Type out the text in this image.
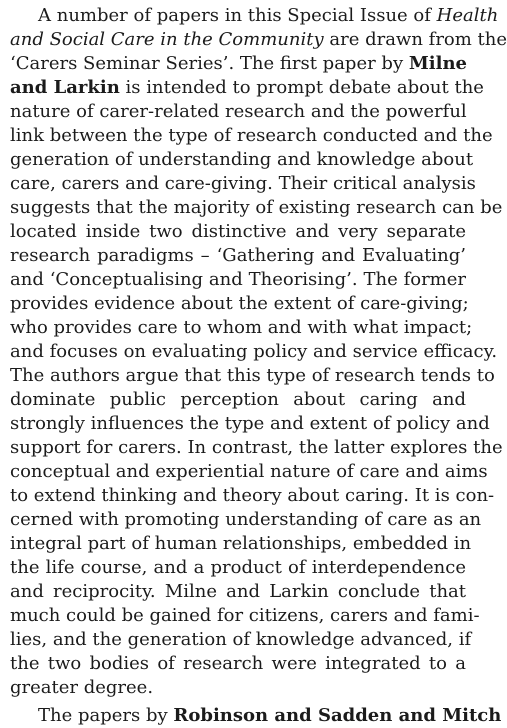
A number of papers in this Special Issue of Health
and Social Care in the Community are drawn from the
‘Carers Seminar Series’. The first paper by Milne
and Larkin is intended to prompt debate about the
nature of carer-related research and the powerful
link between the type of research conducted and the
generation of understanding and knowledge about
care, carers and care-giving. Their critical analysis
suggests that the majority of existing research can be
located inside two distinctive and very separate
research paradigms – ‘Gathering and Evaluating’
and ‘Conceptualising and Theorising’. The former
provides evidence about the extent of care-giving;
who provides care to whom and with what impact;
and focuses on evaluating policy and service efficacy.
The authors argue that this type of research tends to
dominate public perception about caring and
strongly influences the type and extent of policy and
support for carers. In contrast, the latter explores the
conceptual and experiential nature of care and aims
to extend thinking and theory about caring. It is con-
cerned with promoting understanding of care as an
integral part of human relationships, embedded in
the life course, and a product of interdependence
and reciprocity. Milne and Larkin conclude that
much could be gained for citizens, carers and fami-
lies, and the generation of knowledge advanced, if
the two bodies of research were integrated to a
greater degree.
The papers by Robinson and Sadden and Mitch
